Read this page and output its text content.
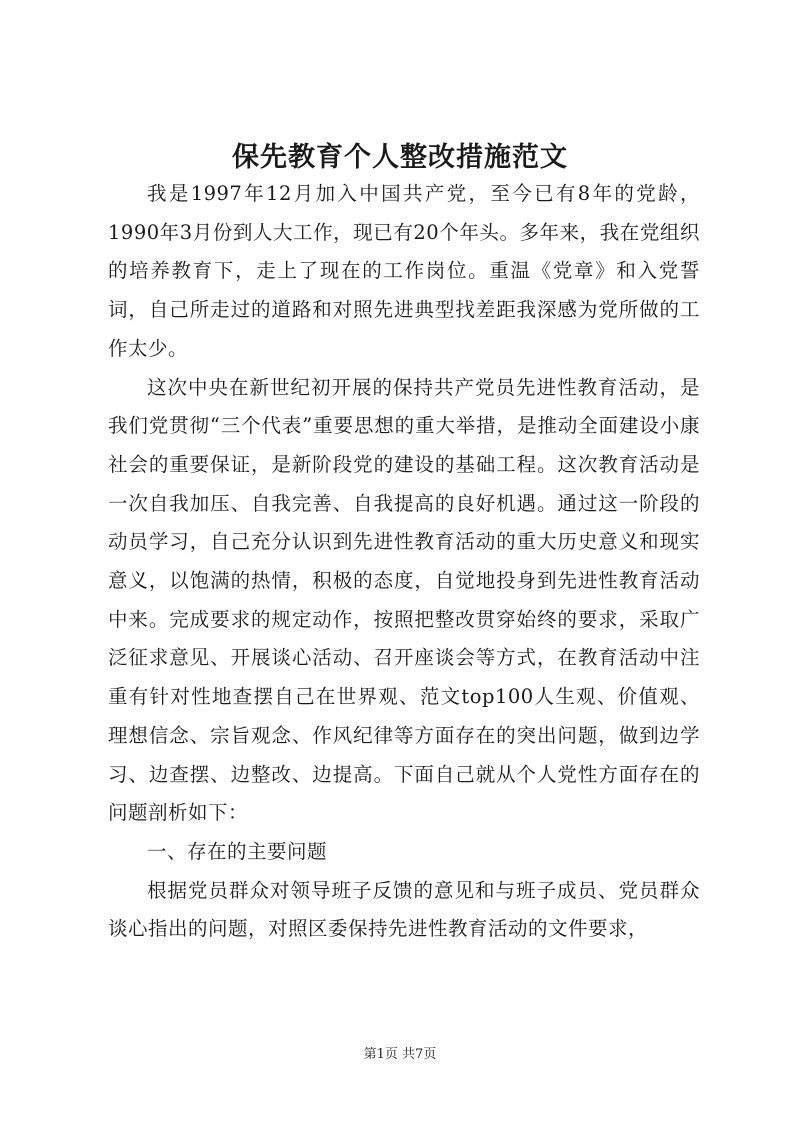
保先教育个人整改措施范文

我是1997年12月加入中国共产党，至今已有8年的党龄，1990年3月份到人大工作，现已有20个年头。多年来，我在党组织的培养教育下，走上了现在的工作岗位。重温《党章》和入党誓词，自己所走过的道路和对照先进典型找差距我深感为党所做的工作太少。

这次中央在新世纪初开展的保持共产党员先进性教育活动，是我们党贯彻“三个代表”重要思想的重大举措，是推动全面建设小康社会的重要保证，是新阶段党的建设的基础工程。这次教育活动是一次自我加压、自我完善、自我提高的良好机遇。通过这一阶段的动员学习，自己充分认识到先进性教育活动的重大历史意义和现实意义，以饱满的热情，积极的态度，自觉地投身到先进性教育活动中来。完成要求的规定动作，按照把整改贯穿始终的要求，采取广泛征求意见、开展谈心活动、召开座谈会等方式，在教育活动中注重有针对性地查摆自己在世界观、范文top100人生观、价值观、理想信念、宗旨观念、作风纪律等方面存在的突出问题，做到边学习、边查摆、边整改、边提高。下面自己就从个人党性方面存在的问题剖析如下：

一、存在的主要问题

根据党员群众对领导班子反馈的意见和与班子成员、党员群众谈心指出的问题，对照区委保持先进性教育活动的文件要求，

第1页 共7页
